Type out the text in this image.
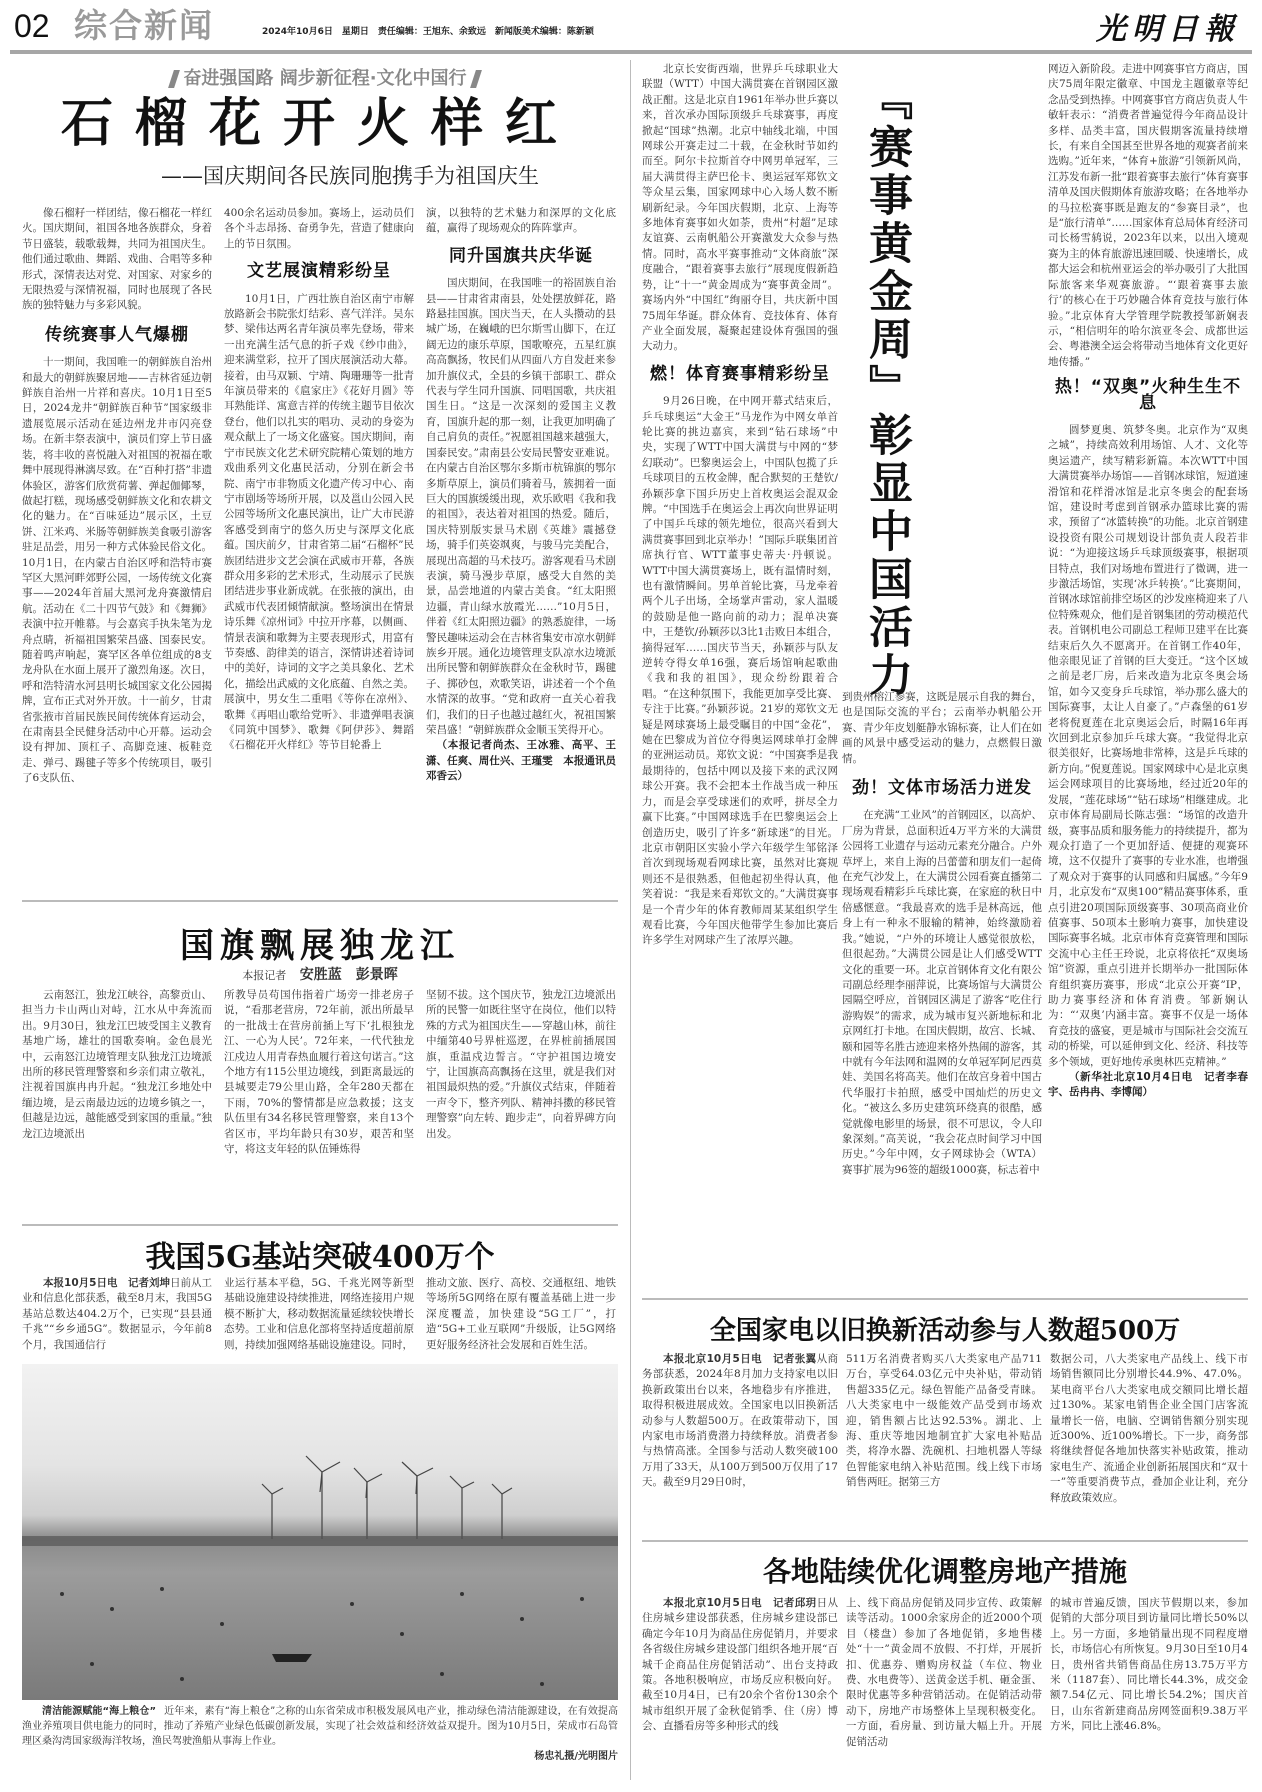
02 综合新闻	2024年10月6日　星期日　责任编辑：王旭东、余致远　新闻版美术编辑：陈新颖	光明日報
奋进强国路 阔步新征程·文化中国行
石榴花开火样红
——国庆期间各民族同胞携手为祖国庆生

像石榴籽一样团结，像石榴花一样红火。国庆期间，祖国各地各族群众，身着节日盛装，载歌载舞，共同为祖国庆生。他们通过歌曲、舞蹈、戏曲、合唱等多种形式，深情表达对党、对国家、对家乡的无限热爱与深情祝福，同时也展现了各民族的独特魅力与多彩风貌。

传统赛事人气爆棚

十一期间，我国唯一的朝鲜族自治州和最大的朝鲜族聚居地——吉林省延边朝鲜族自治州一片祥和喜庆。10月1日至5日，2024龙井“朝鲜族百种节”国家级非遗展览展示活动在延边州龙井市闪亮登场。在新丰祭表演中，演员们穿上节日盛装，将丰收的喜悦融入对祖国的祝福在歌舞中展现得淋漓尽致。在“百种打搭”非遗体验区，游客们欣赏荷薯、弹起伽倻琴，做起打糕，现场感受朝鲜族文化和农耕文化的魅力。在“百味延边”展示区，土豆饼、江米鸡、米肠等朝鲜族美食吸引游客驻足品尝，用另一种方式体验民俗文化。10月1日，在内蒙古自治区呼和浩特市赛罕区大黑河畔郊野公园，一场传统文化赛事——2024年首届大黑河龙舟赛激情启航。活动在《二十四节气鼓》和《舞狮》表演中拉开帷幕。与会嘉宾手执朱笔为龙舟点睛，祈福祖国繁荣昌盛、国泰民安。随着鸣声响起，赛罕区各单位组成的8支龙舟队在水面上展开了激烈角逐。次日，呼和浩特清水河县明长城国家文化公园揭牌，宣布正式对外开放。十一前夕，甘肃省张掖市首届民族民间传统体育运动会，在肃南县全民健身活动中心开幕。运动会设有押加、顶杠子、高脚竞速、板鞋竞走、弹弓、踢毽子等多个传统项目，吸引了6支队伍、

400余名运动员参加。赛场上，运动员们各个斗志昂扬、奋勇争先，营造了健康向上的节日氛围。

文艺展演精彩纷呈

10月1日，广西壮族自治区南宁市解放路新会书院张灯结彩、喜气洋洋。吴东梦、梁伟达两名青年演员率先登场，带来一出充满生活气息的折子戏《纱巾曲》，迎来满堂彩，拉开了国庆展演活动大幕。接着，由马双颖、宁靖、陶珊珊等一批青年演员带来的《扈家庄》《花好月圆》等耳熟能详、寓意吉祥的传统主题节目依次登台，他们以扎实的唱功、灵动的身姿为观众献上了一场文化盛宴。国庆期间，南宁市民族文化艺术研究院精心策划的地方戏曲系列文化惠民活动，分别在新会书院、南宁市非物质文化遗产传习中心、南宁市剧场等场所开展，以及邕山公园入民公园等场所文化惠民演出，让广大市民游客感受到南宁的悠久历史与深厚文化底蕴。国庆前夕，甘肃省第二届“石榴杯”民族团结进步文艺会演在武威市开幕，各族群众用多彩的艺术形式，生动展示了民族团结进步事业新成就。在张掖的演出，由武威市代表团倾情献演。整场演出在情景诗乐舞《凉州词》中拉开序幕，以侧画、情景表演和歌舞为主要表现形式，用富有节奏感、韵律美的语言，深情讲述着诗词中的美好，诗词的文字之美具象化、艺术化，描绘出武威的文化底蕴、自然之美。展演中，男女生二重唱《等你在凉州》、歌舞《再唱山歌给党听》、非遗弹唱表演《同筑中国梦》、歌舞《阿伊莎》、舞蹈《石榴花开火样红》等节目轮番上

演，以独特的艺术魅力和深厚的文化底蕴，赢得了现场观众的阵阵掌声。

同升国旗共庆华诞

国庆期间，在我国唯一的裕固族自治县——甘肃省肃南县，处处摆放鲜花，路路悬挂国旗。国庆当天，在人头攒动的县城广场，在巍峨的巴尔斯雪山脚下，在辽阔无边的康乐草原，国歌嘹亮，五星红旗高高飘扬，牧民们从四面八方自发赶来参加升旗仪式，全县的乡镇干部职工、群众代表与学生同升国旗、同唱国歌，共庆祖国生日。“这是一次深刻的爱国主义教育，国旗升起的那一刻，让我更加明确了自己肩负的责任。”祝愿祖国越来越强大，国泰民安。”肃南县公安局民警安亚难说。在内蒙古自治区鄂尔多斯市杭锦旗的鄂尔多斯草原上，演员们骑着马，簇拥着一面巨大的国旗缓缓出现，欢乐欧唱《我和我的祖国》，表达着对祖国的热爱。随后，国庆特别版实景马术剧《英雄》震撼登场，骑手们英姿飒爽，与骏马完美配合，展现出高超的马术技巧。游客观看马术剧表演，骑马漫步草原，感受大自然的美景，品尝地道的内蒙古美食。“红太阳照边疆，青山绿水放霞光……”10月5日，伴着《红太阳照边疆》的熟悉旋律，一场警民趣味运动会在吉林省集安市凉水朝鲜族乡开展。通化边境管理支队凉水边境派出所民警和朝鲜族群众在金秋时节，踢毽子、掷砂包，欢歌笑语，讲述着一个个鱼水情深的故事。“党和政府一直关心着我们，我们的日子也越过越红火，祝祖国繁荣昌盛！”朝鲜族群众金顺玉笑得开心。

（本报记者尚杰、王冰雅、高平、王潇、任爽、周仕兴、王瑾雯　本报通讯员邓香云）

国旗飘展独龙江
本报记者 安胜蓝　彭景晖

云南怒江，独龙江峡谷，高黎贡山、担当力卡山两山对峙，江水从中奔流而出。9月30日，独龙江巴坡受国主义教育基地广场，雄壮的国歌奏响。金色晨光中，云南怒江边境管理支队独龙江边境派出所的移民管理警察和乡亲们肃立敬礼，注视着国旗冉冉升起。“独龙江乡地处中缅边境，是云南最边远的边境乡镇之一，但越是边远，越能感受到家国的重量。”独龙江边境派出

所教导员苟国伟指着广场旁一排老房子说，“看那老营房，72年前，派出所最早的一批战士在营房前插上写下‘扎根独龙江、一心为人民’。72年来，一代代独龙江戍边人用青春热血履行着这句诺言。”这个地方有115公里边境线，到距离最远的县城要走79公里山路，全年280天都在下雨，70%的警情都是应急救援；这支队伍里有34名移民管理警察，来自13个省区市，平均年龄只有30岁，艰苦和坚守，将这支年轻的队伍锤炼得

坚韧不拔。这个国庆节，独龙江边境派出所的民警一如既往坚守在岗位，他们以特殊的方式为祖国庆生——穿越山林，前往中缅第40号界桩巡逻，在界桩前插展国旗，重温戍边誓言。“守护祖国边境安宁，让国旗高高飘扬在这里，就是我们对祖国最炽热的爱。”升旗仪式结束，伴随着一声令下，整齐列队、精神抖擞的移民管理警察”向左转、跑步走”，向着界碑方向出发。

我国5G基站突破400万个

本报10月5日电　记者刘坤日前从工业和信息化部获悉，截至8月末，我国5G基站总数达404.2万个，已实现“县县通千兆”“乡乡通5G”。数据显示，今年前8个月，我国通信行

业运行基本平稳，5G、千兆光网等新型基础设施建设持续推进，网络连接用户规模不断扩大，移动数据流量延续较快增长态势。工业和信息化部将坚持适度超前原则，持续加强网络基础设施建设。同时，

推动文旅、医疗、高校、交通枢纽、地铁等场所5G网络在原有覆盖基础上进一步深度覆盖，加快建设“5G工厂”，打造“5G+工业互联网”升级版，让5G网络更好服务经济社会发展和百姓生活。

清洁能源赋能“海上粮仓” 近年来，素有“海上粮仓”之称的山东省荣成市积极发展风电产业，推动绿色清洁能源建设，在有效提高渔业养殖项目供电能力的同时，推动了养殖产业绿色低碳创新发展，实现了社会效益和经济效益双提升。图为10月5日，荣成市石岛管理区桑沟湾国家级海洋牧场，渔民驾驶渔船从事海上作业。

杨忠礼摄/光明图片

北京长安街西端，世界乒乓球职业大联盟（WTT）中国大满贯赛在首钢园区激战正酣。这是北京自1961年举办世乒赛以来，首次承办国际顶级乒乓球赛事，再度掀起“国球”热潮。北京中轴线北端，中国网球公开赛走过二十载，在金秋时节如约而至。阿尔卡拉斯首夺中网男单冠军，三届大满贯得主萨巴伦卡、奥运冠军郑钦文等众星云集，国家网球中心入场人数不断刷新纪录。今年国庆假期，北京、上海等多地体育赛事如火如荼，贵州“村超”足球友谊赛、云南帆船公开赛激发大众参与热情。同时，高水平赛事推动“文体商旅”深度融合，“跟着赛事去旅行”展现度假新趋势，让“十一”黄金周成为“赛事黄金周”。赛场内外“中国红”绚丽夺目，共庆新中国75周年华诞。群众体育、竞技体育、体育产业全面发展，凝聚起建设体育强国的强大动力。

燃！体育赛事精彩纷呈

9月26日晚，在中网开幕式结束后，乒乓球奥运“大金王”马龙作为中网女单首轮比赛的挑边嘉宾，来到“钻石球场”中央，实现了WTT中国大满贯与中网的“梦幻联动”。巴黎奥运会上，中国队包揽了乒乓球项目的五枚金牌，配合默契的王楚钦/孙颖莎拿下国乒历史上首枚奥运会混双金牌。“中国选手在奥运会上再次向世界证明了中国乒乓球的领先地位，很高兴看到大满贯赛事回到北京举办！”国际乒联集团首席执行官、WTT董事史蒂夫·丹顿说。WTT中国大满贯赛场上，既有温情时刻，也有激情瞬间。男单首轮比赛，马龙牵着两个儿子出场，全场掌声雷动，家人温暖的鼓励是他一路向前的动力；混单决赛中，王楚钦/孙颖莎以3比1击败日本组合，摘得冠军……国庆节当天，孙颖莎与队友逆转夺得女单16强，赛后场馆响起歌曲《我和我的祖国》，现众纷纷跟着合唱。“在这种氛围下，我能更加享受比赛、专注于比赛。”孙颖莎说。21岁的郑钦文无疑是网球赛场上最受瞩目的中国“金花”，她在巴黎成为首位夺得奥运网球单打金牌的亚洲运动员。郑钦文说：“中国赛季是我最期待的，包括中网以及接下来的武汉网球公开赛。我不会把本土作战当成一种压力，而是会享受球迷们的欢呼，拼尽全力赢下比赛。”中国网球选手在巴黎奥运会上创造历史，吸引了许多“新球迷”的目光。北京市朝阳区实验小学六年级学生邹铭泽首次到现场观看网球比赛，虽然对比赛规则还不是很熟悉，但他起初坐得认真，他笑着说：“我是来看郑钦文的。”大满贯赛事是一个青少年的体育教师周某某组织学生观看比赛，今年国庆他带学生参加比赛后许多学生对网球产生了浓厚兴趣。

『赛事黄金周』彰显中国活力

到贵州榕江参赛，这既是展示自我的舞台，也是国际交流的平台；云南举办帆船公开赛、青少年皮划艇静水锦标赛，让人们在如画的风景中感受运动的魅力，点燃假日激情。

劲！文体市场活力迸发

在充满“工业风”的首钢园区，以高炉、厂房为背景，总面积近4万平方米的大满贯公园将工业遗存与运动元素充分融合。户外草坪上，来自上海的吕蕾蕾和朋友们一起倚在充气沙发上，在大满贯公园看赛直播第二现场观看精彩乒乓球比赛，在家庭的秋日中倍感惬意。“我最喜欢的选手是林高远，他身上有一种永不服输的精神，始终激励着我。”她说，“户外的环境让人感觉很放松，但很起劲。”大满贯公园是让人们感受WTT文化的重要一环。北京首钢体育文化有限公司副总经理李丽萍说，比赛场馆与大满贯公园隔空呼应，首钢园区满足了游客“吃住行游购娱”的需求，成为城市复兴新地标和北京网红打卡地。在国庆假期，故宫、长城、颐和园等名胜古迹迎来格外热闹的游客，其中就有今年法网和温网的女单冠军阿尼西莫娃、美国名将高芙。他们在故宫身着中国古代华服打卡拍照，感受中国灿烂的历史文化。“被这么多历史建筑环绕真的很酷，感觉就像电影里的场景，很不可思议，令人印象深刻。”高芙说，“我会花点时间学习中国历史。”今年中网，女子网球协会（WTA）赛事扩展为96签的超级1000赛，标志着中

网迈入新阶段。走进中网赛事官方商店，国庆75周年限定徽章、中国龙主题徽章等纪念品受到热捧。中网赛事官方商店负责人牛敏轩表示：“消费者普遍觉得今年商品设计多样、品类丰富，国庆假期客流量持续增长，有来自全国甚至世界各地的观赛者前来选购。”近年来，“体育+旅游”引领新风尚，江苏发布新一批“跟着赛事去旅行”体育赛事清单及国庆假期体育旅游攻略；在各地举办的马拉松赛事既是跑友的“参赛目录”，也是“旅行清单”……国家体育总局体育经济司司长杨雪鸫说，2023年以来，以出入境观赛为主的体育旅游迅速回暖、快速增长，成都大运会和杭州亚运会的举办吸引了大批国际旅客来华观赛旅游。“‘跟着赛事去旅行’的核心在于巧妙融合体育竞技与旅行体验。”北京体育大学管理学院教授邹新娴表示，“相信明年的哈尔滨亚冬会、成都世运会、粤港澳全运会将带动当地体育文化更好地传播。”

热！“双奥”火种生生不息

圆梦夏奥、筑梦冬奥。北京作为“双奥之城”，持续高效利用场馆、人才、文化等奥运遗产，续写精彩新篇。本次WTT中国大满贯赛举办场馆——首钢冰球馆，短道速滑馆和花样滑冰馆是北京冬奥会的配套场馆，建设时考虑到首钢承办篮球比赛的需求，预留了“冰篮转换”的功能。北京首钢建设投资有限公司规划设计部负责人段若非说：“为迎接这场乒乓球顶级赛事，根据项目特点，我们对场地布置进行了微调，进一步激活场馆，实现‘冰乒转换’。”比赛期间，首钢冰球馆前排空场区的沙发座椅迎来了八位特殊观众，他们是首钢集团的劳动模范代表。首钢机电公司副总工程师卫建平在比赛结束后久久不愿离开。在首钢工作40年，他亲眼见证了首钢的巨大变迁。“这个区域之前是老厂房，后来改造为北京冬奥会场馆，如今又变身乒乓球馆，举办那么盛大的国际赛事，太让人自豪了。”卢森堡的61岁老将倪夏莲在北京奥运会后，时隔16年再次回到北京参加乒乓球大赛。“我觉得北京很美很好，比赛场地非常棒，这是乒乓球的新方向。”倪夏莲说。国家网球中心是北京奥运会网球项目的比赛场地，经过近20年的发展，“莲花球场”“钻石球场”相继建成。北京市体育局副局长陈志强：“场馆的改造升级，赛事品质和服务能力的持续提升，都为观众打造了一个更加舒适、便捷的观赛环境，这不仅提升了赛事的专业水准，也增强了观众对于赛事的认同感和归属感。”今年9月，北京发布“双奥100”精品赛事体系，重点引进20项国际顶级赛事、30项高商业价值赛事、50项本土影响力赛事，加快建设国际赛事名城。北京市体育竞赛管理和国际交流中心主任王玲说，北京将依托“双奥场馆”资源，重点引进并长期举办一批国际体育组织赛历赛事，形成“北京公开赛”IP，助力赛事经济和体育消费。邹新娴认为：“‘双奥’内涵丰富。赛事不仅是一场体育竞技的盛宴，更是城市与国际社会交流互动的桥梁，可以延伸到文化、经济、科技等多个领域，更好地传承奥林匹克精神。”

（新华社北京10月4日电　记者李春宇、岳冉冉、李博闻）

全国家电以旧换新活动参与人数超500万

本报北京10月5日电　记者张翼从商务部获悉，2024年8月加力支持家电以旧换新政策出台以来，各地稳步有序推进，取得积极进展成效。全国家电以旧换新活动参与人数超500万。在政策带动下，国内家电市场消费潜力持续释放。消费者参与热情高涨。全国参与活动人数突破100万用了33天，从100万到500万仅用了17天。截至9月29日0时，

511万名消费者购买八大类家电产品711万台，享受64.03亿元中央补贴，带动销售超335亿元。绿色智能产品备受青睐。八大类家电中一级能效产品受到市场欢迎，销售额占比达92.53%。湖北、上海、重庆等地因地制宜扩大家电补贴品类，将净水器、洗碗机、扫地机器人等绿色智能家电纳入补贴范围。线上线下市场销售两旺。据第三方

数据公司，八大类家电产品线上、线下市场销售额同比分别增长44.9%、47.0%。某电商平台八大类家电成交额同比增长超过130%。某家电销售企业全国门店客流量增长一倍，电脑、空调销售额分别实现近300%、近100%增长。下一步，商务部将继续督促各地加快落实补贴政策，推动家电生产、流通企业创新拓展国庆和“双十一”等重要消费节点，叠加企业让利，充分释放政策效应。

各地陆续优化调整房地产措施

本报北京10月5日电　记者邱玥日从住房城乡建设部获悉，住房城乡建设部已确定今年10月为商品住房促销月，并要求各省级住房城乡建设部门组织各地开展“百城千企商品住房促销活动”、出台支持政策。各地积极响应，市场反应积极向好。截至10月4日，已有20余个省份130余个城市组织开展了金秋促销季、住（房）博会、直播看房等多种形式的线

上、线下商品房促销及同步宣传、政策解读等活动。1000余家房企的近2000个项目（楼盘）参加了各地促销，多地售楼处“十一”黄金周不放假、不打烊，开展折扣、优惠券、赠购房权益（车位、物业费、水电费等）、送黄金送手机、砸金蛋、限时优惠等多种营销活动。在促销活动带动下，房地产市场整体上呈现积极变化。一方面，看房量、到访量大幅上升。开展促销活动

的城市普遍反馈，国庆节假期以来，参加促销的大部分项目到访量同比增长50%以上。另一方面，多地销量出现不同程度增长，市场信心有所恢复。9月30日至10月4日，贵州省共销售商品住房13.75万平方米（1187套）、同比增长44.3%，成交金额7.54亿元、同比增长54.2%；国庆首日，山东省新建商品房网签面积9.38万平方米，同比上涨46.8%。
